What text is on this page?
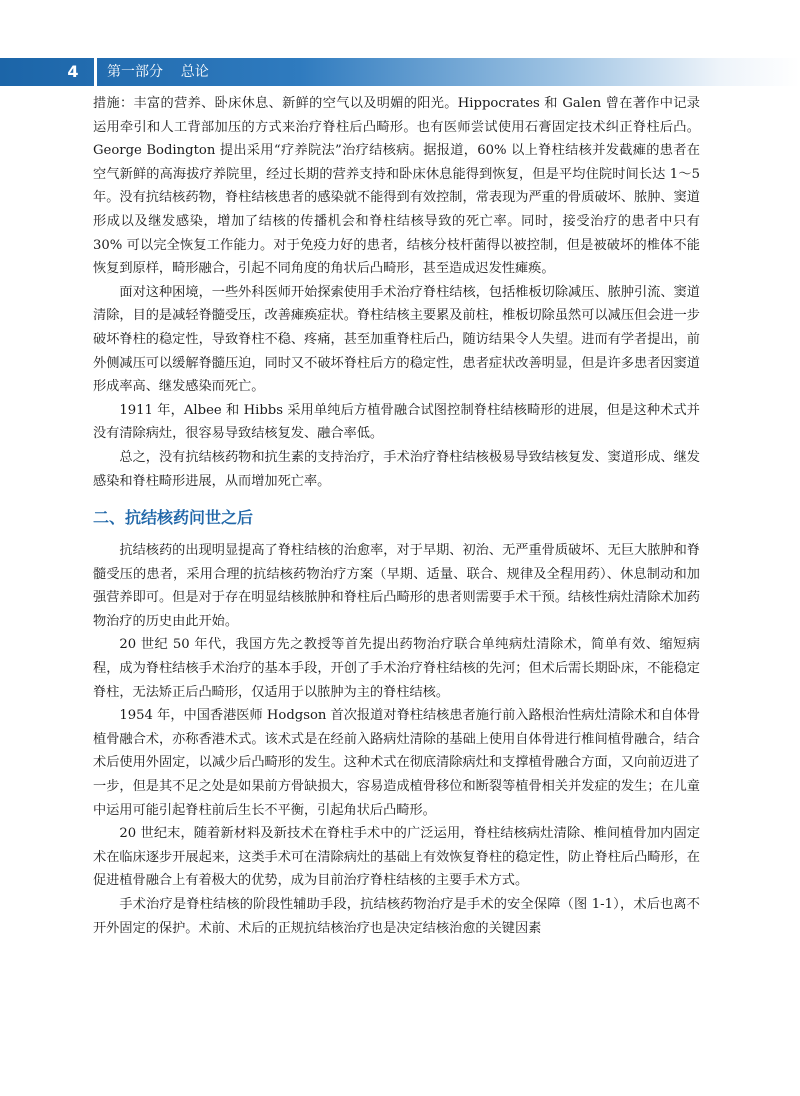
4	第一部分    总论

措施：丰富的营养、卧床休息、新鲜的空气以及明媚的阳光。Hippocrates 和 Galen 曾在著作中记录运用牵引和人工背部加压的方式来治疗脊柱后凸畸形。也有医师尝试使用石膏固定技术纠正脊柱后凸。George Bodington 提出采用“疗养院法”治疗结核病。据报道，60% 以上脊柱结核并发截瘫的患者在空气新鲜的高海拔疗养院里，经过长期的营养支持和卧床休息能得到恢复，但是平均住院时间长达 1～5 年。没有抗结核药物，脊柱结核患者的感染就不能得到有效控制，常表现为严重的骨质破坏、脓肿、窦道形成以及继发感染，增加了结核的传播机会和脊柱结核导致的死亡率。同时，接受治疗的患者中只有 30% 可以完全恢复工作能力。对于免疫力好的患者，结核分枝杆菌得以被控制，但是被破坏的椎体不能恢复到原样，畸形融合，引起不同角度的角状后凸畸形，甚至造成迟发性瘫痪。

面对这种困境，一些外科医师开始探索使用手术治疗脊柱结核，包括椎板切除减压、脓肿引流、窦道清除，目的是减轻脊髓受压，改善瘫痪症状。脊柱结核主要累及前柱，椎板切除虽然可以减压但会进一步破坏脊柱的稳定性，导致脊柱不稳、疼痛，甚至加重脊柱后凸，随访结果令人失望。进而有学者提出，前外侧减压可以缓解脊髓压迫，同时又不破坏脊柱后方的稳定性，患者症状改善明显，但是许多患者因窦道形成率高、继发感染而死亡。

1911 年，Albee 和 Hibbs 采用单纯后方植骨融合试图控制脊柱结核畸形的进展，但是这种术式并没有清除病灶，很容易导致结核复发、融合率低。

总之，没有抗结核药物和抗生素的支持治疗，手术治疗脊柱结核极易导致结核复发、窦道形成、继发感染和脊柱畸形进展，从而增加死亡率。

二、抗结核药问世之后

抗结核药的出现明显提高了脊柱结核的治愈率，对于早期、初治、无严重骨质破坏、无巨大脓肿和脊髓受压的患者，采用合理的抗结核药物治疗方案（早期、适量、联合、规律及全程用药）、休息制动和加强营养即可。但是对于存在明显结核脓肿和脊柱后凸畸形的患者则需要手术干预。结核性病灶清除术加药物治疗的历史由此开始。

20 世纪 50 年代，我国方先之教授等首先提出药物治疗联合单纯病灶清除术，简单有效、缩短病程，成为脊柱结核手术治疗的基本手段，开创了手术治疗脊柱结核的先河；但术后需长期卧床，不能稳定脊柱，无法矫正后凸畸形，仅适用于以脓肿为主的脊柱结核。

1954 年，中国香港医师 Hodgson 首次报道对脊柱结核患者施行前入路根治性病灶清除术和自体骨植骨融合术，亦称香港术式。该术式是在经前入路病灶清除的基础上使用自体骨进行椎间植骨融合，结合术后使用外固定，以减少后凸畸形的发生。这种术式在彻底清除病灶和支撑植骨融合方面，又向前迈进了一步，但是其不足之处是如果前方骨缺损大，容易造成植骨移位和断裂等植骨相关并发症的发生；在儿童中运用可能引起脊柱前后生长不平衡，引起角状后凸畸形。

20 世纪末，随着新材料及新技术在脊柱手术中的广泛运用，脊柱结核病灶清除、椎间植骨加内固定术在临床逐步开展起来，这类手术可在清除病灶的基础上有效恢复脊柱的稳定性，防止脊柱后凸畸形，在促进植骨融合上有着极大的优势，成为目前治疗脊柱结核的主要手术方式。

手术治疗是脊柱结核的阶段性辅助手段，抗结核药物治疗是手术的安全保障（图 1-1），术后也离不开外固定的保护。术前、术后的正规抗结核治疗也是决定结核治愈的关键因素
